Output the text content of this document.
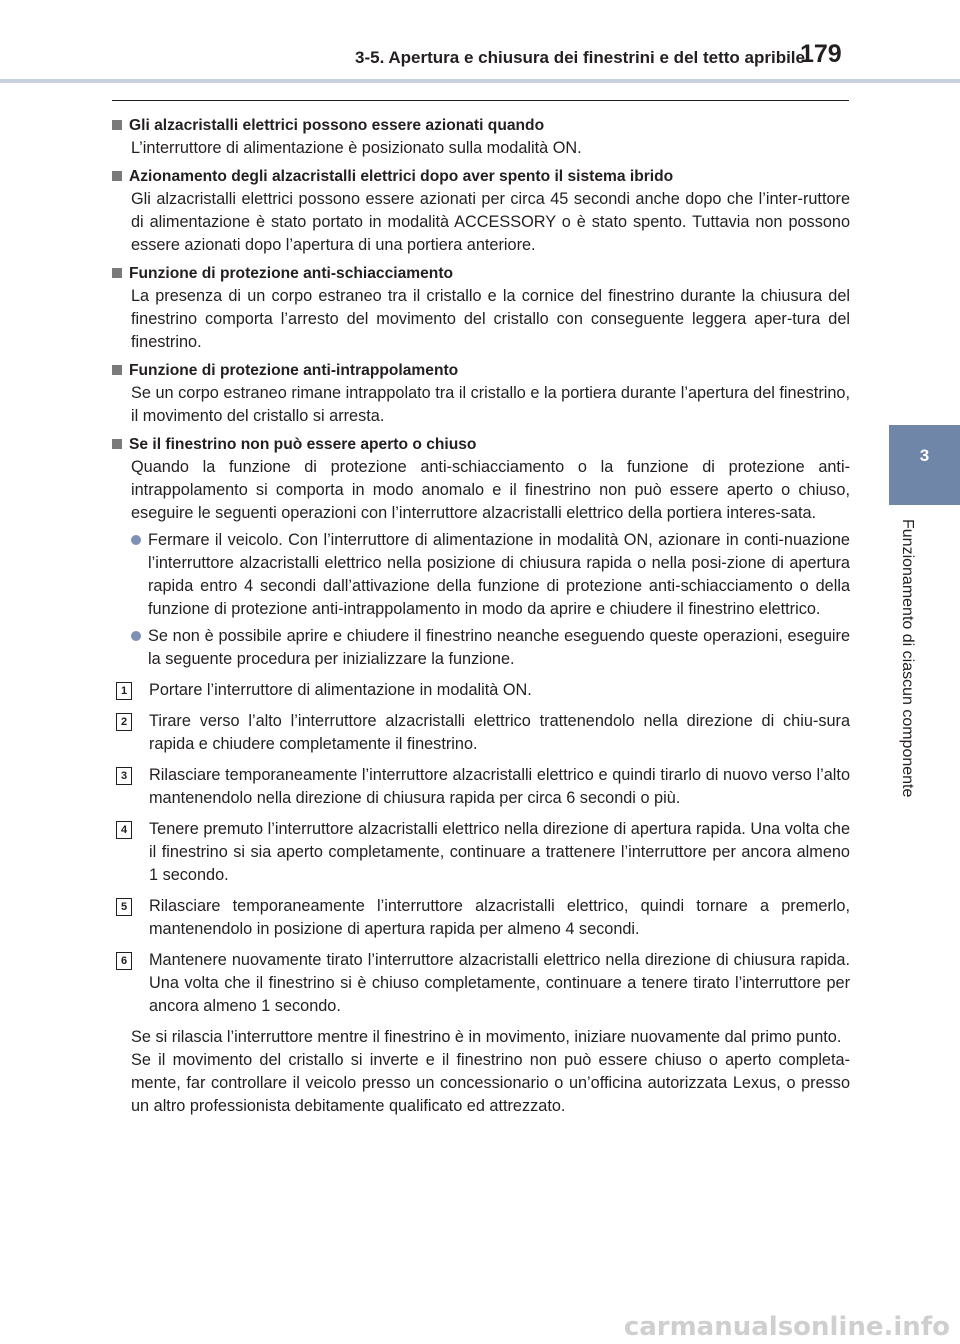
3-5. Apertura e chiusura dei finestrini e del tetto apribile
179
3
Funzionamento di ciascun componente
Gli alzacristalli elettrici possono essere azionati quando
L’interruttore di alimentazione è posizionato sulla modalità ON.
Azionamento degli alzacristalli elettrici dopo aver spento il sistema ibrido
Gli alzacristalli elettrici possono essere azionati per circa 45 secondi anche dopo che l’inter-ruttore di alimentazione è stato portato in modalità ACCESSORY o è stato spento. Tuttavia non possono essere azionati dopo l’apertura di una portiera anteriore.
Funzione di protezione anti-schiacciamento
La presenza di un corpo estraneo tra il cristallo e la cornice del finestrino durante la chiusura del finestrino comporta l’arresto del movimento del cristallo con conseguente leggera aper-tura del finestrino.
Funzione di protezione anti-intrappolamento
Se un corpo estraneo rimane intrappolato tra il cristallo e la portiera durante l’apertura del finestrino, il movimento del cristallo si arresta.
Se il finestrino non può essere aperto o chiuso
Quando la funzione di protezione anti-schiacciamento o la funzione di protezione anti-intrappolamento si comporta in modo anomalo e il finestrino non può essere aperto o chiuso, eseguire le seguenti operazioni con l’interruttore alzacristalli elettrico della portiera interes-sata.
Fermare il veicolo. Con l’interruttore di alimentazione in modalità ON, azionare in conti-nuazione l’interruttore alzacristalli elettrico nella posizione di chiusura rapida o nella posi-zione di apertura rapida entro 4 secondi dall’attivazione della funzione di protezione anti-schiacciamento o della funzione di protezione anti-intrappolamento in modo da aprire e chiudere il finestrino elettrico.
Se non è possibile aprire e chiudere il finestrino neanche eseguendo queste operazioni, eseguire la seguente procedura per inizializzare la funzione.
1	Portare l’interruttore di alimentazione in modalità ON.
2	Tirare verso l’alto l’interruttore alzacristalli elettrico trattenendolo nella direzione di chiu-sura rapida e chiudere completamente il finestrino.
3	Rilasciare temporaneamente l’interruttore alzacristalli elettrico e quindi tirarlo di nuovo verso l’alto mantenendolo nella direzione di chiusura rapida per circa 6 secondi o più.
4	Tenere premuto l’interruttore alzacristalli elettrico nella direzione di apertura rapida. Una volta che il finestrino si sia aperto completamente, continuare a trattenere l’interruttore per ancora almeno 1 secondo.
5	Rilasciare temporaneamente l’interruttore alzacristalli elettrico, quindi tornare a premerlo, mantenendolo in posizione di apertura rapida per almeno 4 secondi.
6	Mantenere nuovamente tirato l’interruttore alzacristalli elettrico nella direzione di chiusura rapida. Una volta che il finestrino si è chiuso completamente, continuare a tenere tirato l’interruttore per ancora almeno 1 secondo.
Se si rilascia l’interruttore mentre il finestrino è in movimento, iniziare nuovamente dal primo punto.
Se il movimento del cristallo si inverte e il finestrino non può essere chiuso o aperto completa-mente, far controllare il veicolo presso un concessionario o un’officina autorizzata Lexus, o presso un altro professionista debitamente qualificato ed attrezzato.
carmanualsonline.info
